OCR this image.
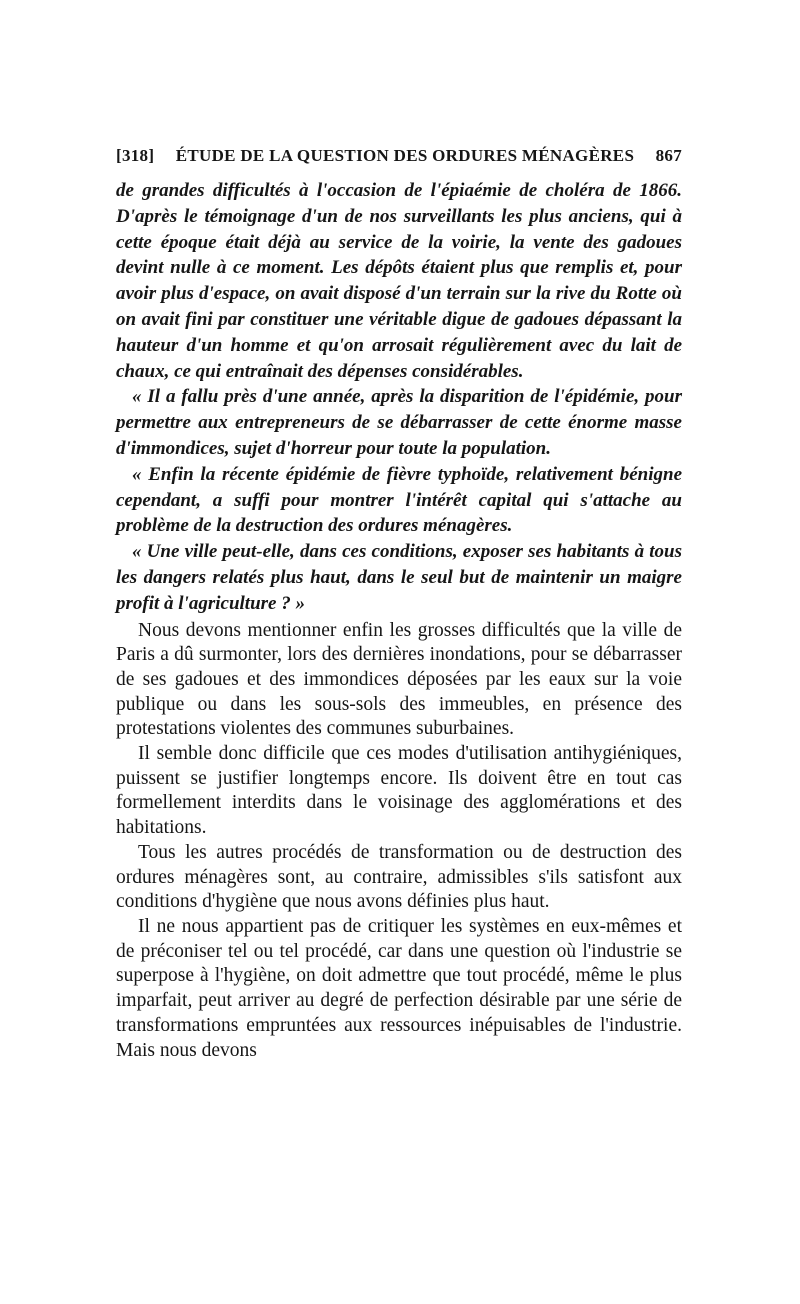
[318] ÉTUDE DE LA QUESTION DES ORDURES MÉNAGÈRES 867

de grandes difficultés à l'occasion de l'épiaémie de choléra de 1866. D'après le témoignage d'un de nos surveillants les plus anciens, qui à cette époque était déjà au service de la voirie, la vente des gadoues devint nulle à ce moment. Les dépôts étaient plus que remplis et, pour avoir plus d'espace, on avait disposé d'un terrain sur la rive du Rotte où on avait fini par constituer une véritable digue de gadoues dépassant la hauteur d'un homme et qu'on arrosait régulièrement avec du lait de chaux, ce qui entraînait des dépenses considérables.

« Il a fallu près d'une année, après la disparition de l'épidémie, pour permettre aux entrepreneurs de se débarrasser de cette énorme masse d'immondices, sujet d'horreur pour toute la population.

« Enfin la récente épidémie de fièvre typhoïde, relativement bénigne cependant, a suffi pour montrer l'intérêt capital qui s'attache au problème de la destruction des ordures ménagères.

« Une ville peut-elle, dans ces conditions, exposer ses habitants à tous les dangers relatés plus haut, dans le seul but de maintenir un maigre profit à l'agriculture ? »

Nous devons mentionner enfin les grosses difficultés que la ville de Paris a dû surmonter, lors des dernières inondations, pour se débarrasser de ses gadoues et des immondices déposées par les eaux sur la voie publique ou dans les sous-sols des immeubles, en présence des protestations violentes des communes suburbaines.

Il semble donc difficile que ces modes d'utilisation antihygiéniques, puissent se justifier longtemps encore. Ils doivent être en tout cas formellement interdits dans le voisinage des agglomérations et des habitations.

Tous les autres procédés de transformation ou de destruction des ordures ménagères sont, au contraire, admissibles s'ils satisfont aux conditions d'hygiène que nous avons définies plus haut.

Il ne nous appartient pas de critiquer les systèmes en eux-mêmes et de préconiser tel ou tel procédé, car dans une question où l'industrie se superpose à l'hygiène, on doit admettre que tout procédé, même le plus imparfait, peut arriver au degré de perfection désirable par une série de transformations empruntées aux ressources inépuisables de l'industrie. Mais nous devons
